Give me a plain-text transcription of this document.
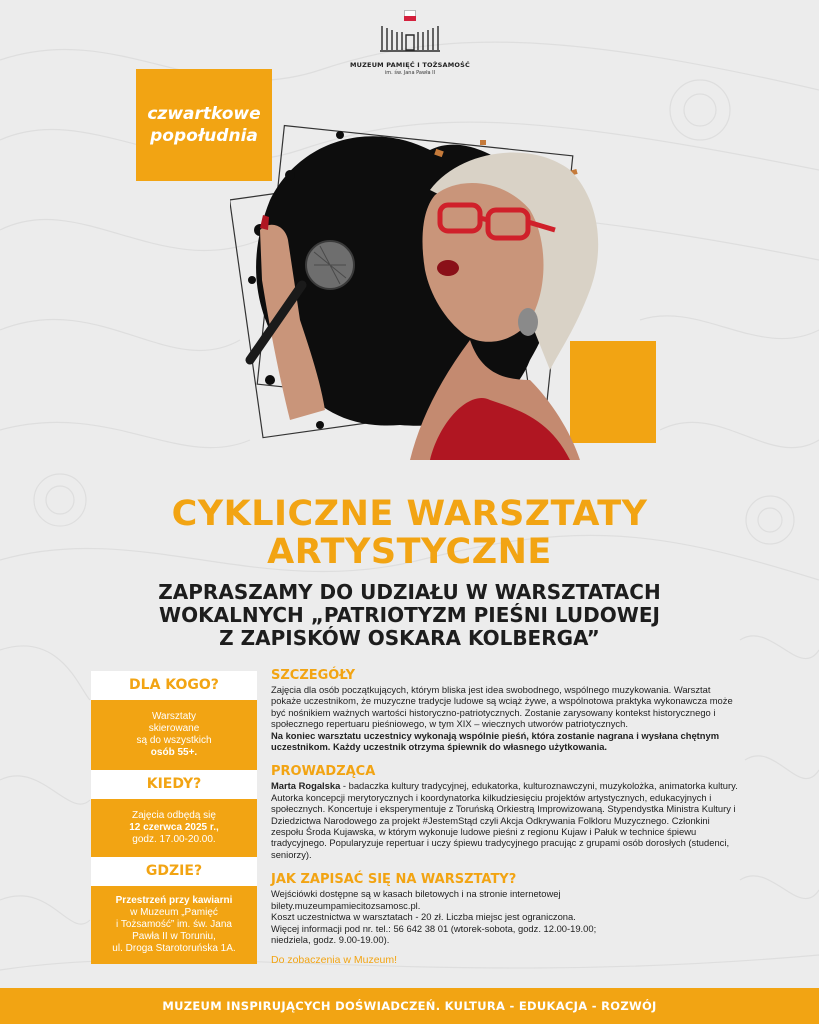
MUZEUM PAMIĘĆ I TOŻSAMOŚĆ
im. św. Jana Pawła II
czwartkowe
popołudnia
CYKLICZNE WARSZTATY
ARTYSTYCZNE
ZAPRASZAMY DO UDZIAŁU W WARSZTATACH
WOKALNYCH „PATRIOTYZM PIEŚNI LUDOWEJ
Z ZAPISKÓW OSKARA KOLBERGA”
DLA KOGO?
Warsztaty
skierowane
są do wszystkich
osób 55+.
KIEDY?
Zajęcia odbędą się
12 czerwca 2025 r.,
godz. 17.00-20.00.
GDZIE?
Przestrzeń przy kawiarni
w Muzeum „Pamięć
i Tożsamość” im. św. Jana
Pawła II w Toruniu,
ul. Droga Starotoruńska 1A.
SZCZEGÓŁY

Zajęcia dla osób początkujących, którym bliska jest idea swobodnego, wspólnego muzykowania. Warsztat pokaże uczestnikom, że muzyczne tradycje ludowe są wciąż żywe, a wspólnotowa praktyka wykonawcza może być nośnikiem ważnych wartości historyczno-patriotycznych. Zostanie zarysowany kontekst historycznego i społecznego repertuaru pieśniowego, w tym XIX – wiecznych utworów patriotycznych.
Na koniec warsztatu uczestnicy wykonają wspólnie pieśń, która zostanie nagrana i wysłana chętnym uczestnikom. Każdy uczestnik otrzyma śpiewnik do własnego użytkowania.

PROWADZĄCA

Marta Rogalska - badaczka kultury tradycyjnej, edukatorka, kulturoznawczyni, muzykolożka, animatorka kultury. Autorka koncepcji merytorycznych i koordynatorka kilkudziesięciu projektów artystycznych, edukacyjnych i społecznych. Koncertuje i eksperymentuje z Toruńską Orkiestrą Improwizowaną. Stypendystka Ministra Kultury i Dziedzictwa Narodowego za projekt #JestemStąd czyli Akcja Odkrywania Folkloru Muzycznego. Członkini zespołu Środa Kujawska, w którym wykonuje ludowe pieśni z regionu Kujaw i Pałuk w technice śpiewu tradycyjnego. Popularyzuje repertuar i uczy śpiewu tradycyjnego pracując z grupami osób dorosłych (studenci, seniorzy).

JAK ZAPISAĆ SIĘ NA WARSZTATY?
Wejściówki dostępne są w kasach biletowych i na stronie internetowej
bilety.muzeumpamiecitozsamosc.pl.
Koszt uczestnictwa w warsztatach - 20 zł. Liczba miejsc jest ograniczona.
Więcej informacji pod nr. tel.: 56 642 38 01 (wtorek-sobota, godz. 12.00-19.00;
niedziela, godz. 9.00-19.00).
Do zobaczenia w Muzeum!
MUZEUM INSPIRUJĄCYCH DOŚWIADCZEŃ. KULTURA - EDUKACJA - ROZWÓJ
